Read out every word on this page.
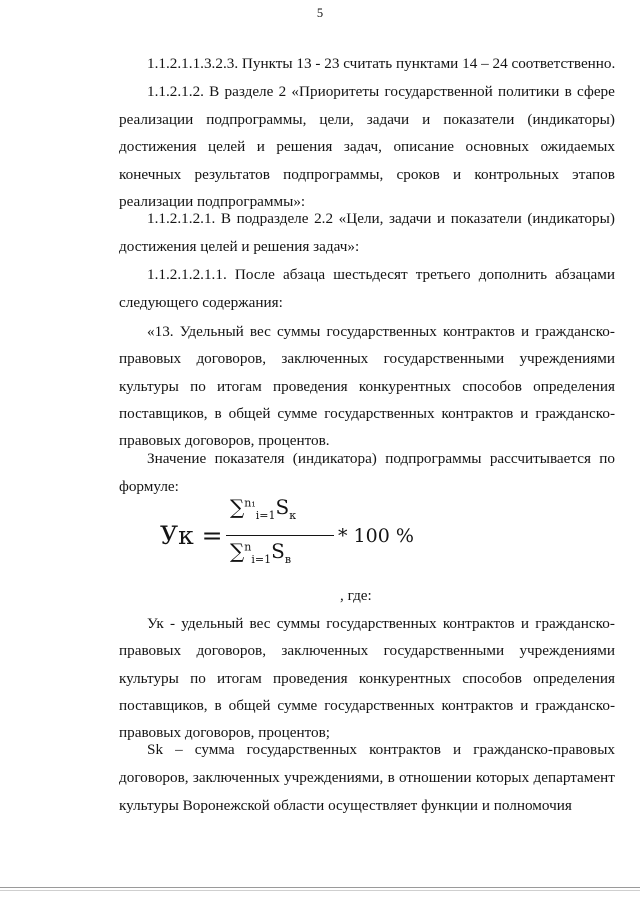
5
1.1.2.1.1.3.2.3. Пункты 13 - 23 считать пунктами 14 – 24 соответственно.
1.1.2.1.2. В разделе 2 «Приоритеты государственной политики в сфере
реализации подпрограммы, цели, задачи и показатели (индикаторы)
достижения целей и решения задач, описание основных ожидаемых
конечных результатов подпрограммы, сроков и контрольных этапов
реализации подпрограммы»:
1.1.2.1.2.1. В подразделе 2.2 «Цели, задачи и показатели (индикаторы)
достижения целей и решения задач»:
1.1.2.1.2.1.1. После абзаца шестьдесят третьего дополнить абзацами
следующего содержания:
«13. Удельный вес суммы государственных контрактов и гражданско-
правовых договоров, заключенных государственными учреждениями
культуры по итогам проведения конкурентных способов определения
поставщиков, в общей сумме государственных контрактов и гражданско-
правовых договоров, процентов.
Значение показателя (индикатора) подпрограммы рассчитывается по
формуле:
Ук - удельный вес суммы государственных контрактов и гражданско-
правовых договоров, заключенных государственными учреждениями
культуры по итогам проведения конкурентных способов определения
поставщиков, в общей сумме государственных контрактов и гражданско-
правовых договоров, процентов;
Sk – сумма государственных контрактов и гражданско-правовых
договоров, заключенных учреждениями, в отношении которых департамент
культуры Воронежской области осуществляет функции и полномочия
Ук =
$\sum^{n_1}_{i=1}S_к$
$\sum^n_{i=1}S_в$
* 100 %
, где:
